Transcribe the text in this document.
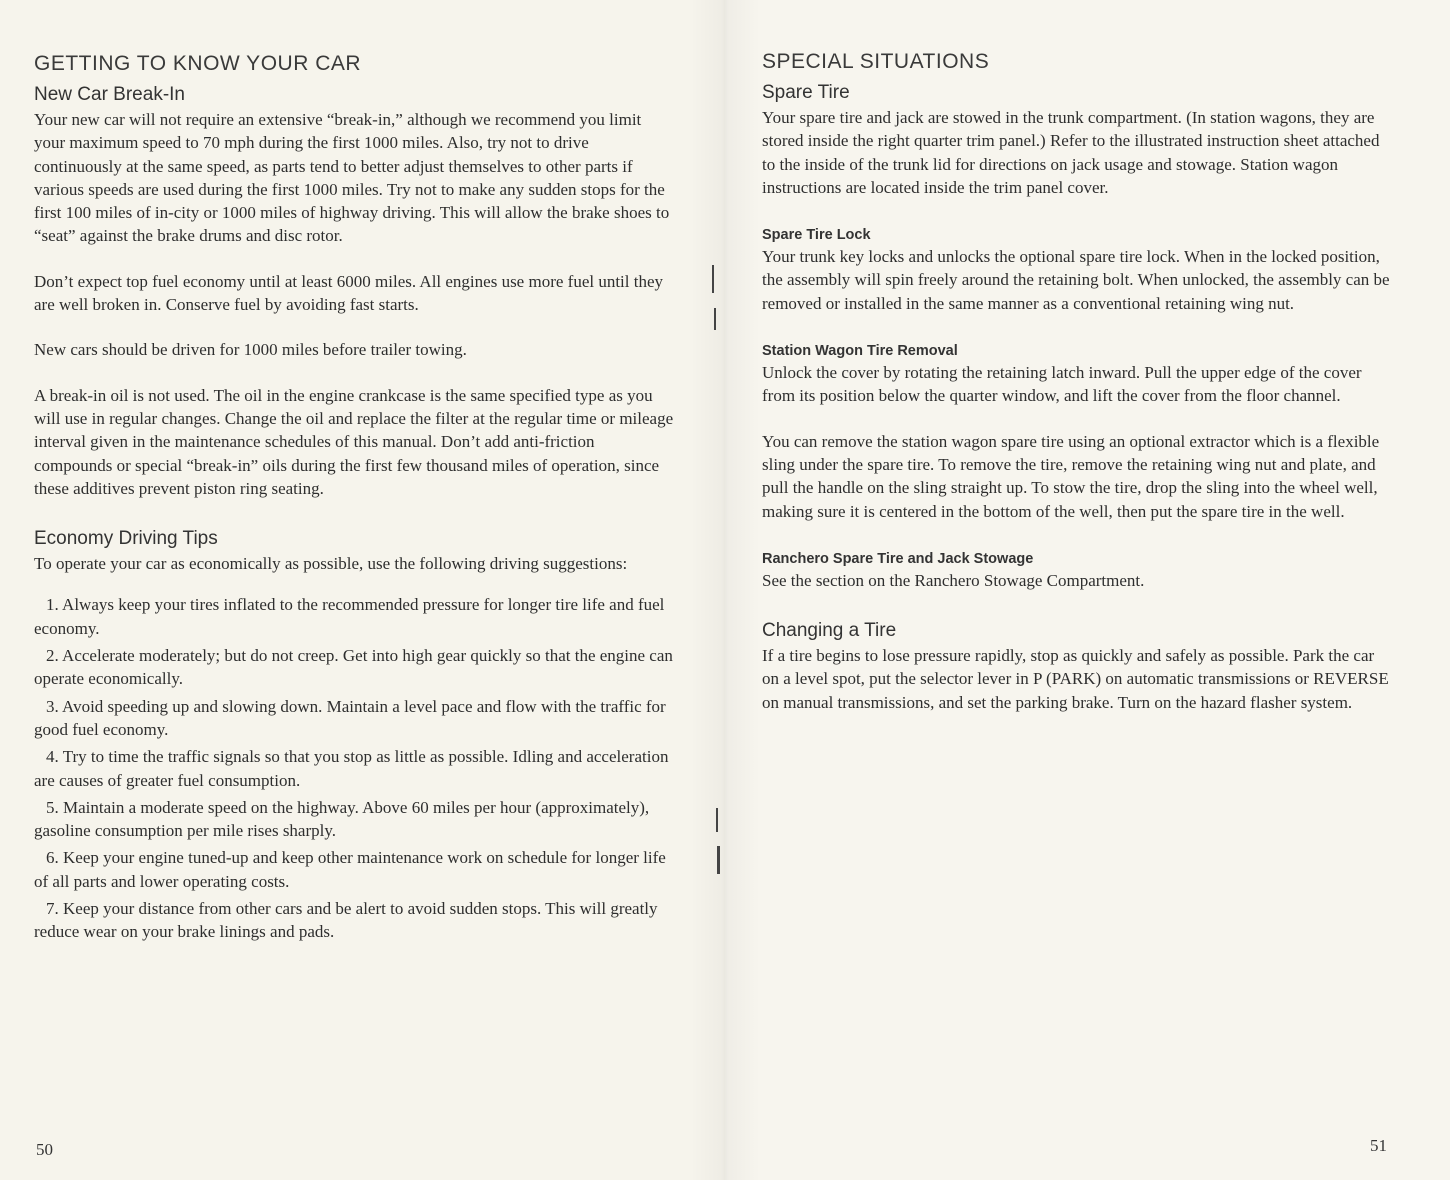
GETTING TO KNOW YOUR CAR
New Car Break-In

Your new car will not require an extensive “break-in,” although we recommend you limit your maximum speed to 70 mph during the first 1000 miles. Also, try not to drive continuously at the same speed, as parts tend to better adjust themselves to other parts if various speeds are used during the first 1000 miles. Try not to make any sudden stops for the first 100 miles of in-city or 1000 miles of highway driving. This will allow the brake shoes to “seat” against the brake drums and disc rotor.

Don’t expect top fuel economy until at least 6000 miles. All engines use more fuel until they are well broken in. Conserve fuel by avoiding fast starts.

New cars should be driven for 1000 miles before trailer towing.

A break-in oil is not used. The oil in the engine crankcase is the same specified type as you will use in regular changes. Change the oil and replace the filter at the regular time or mileage interval given in the maintenance schedules of this manual. Don’t add anti-friction compounds or special “break-in” oils during the first few thousand miles of operation, since these additives prevent piston ring seating.

Economy Driving Tips

To operate your car as economically as possible, use the following driving suggestions:

1. Always keep your tires inflated to the recommended pressure for longer tire life and fuel economy.

2. Accelerate moderately; but do not creep. Get into high gear quickly so that the engine can operate economically.

3. Avoid speeding up and slowing down. Maintain a level pace and flow with the traffic for good fuel economy.

4. Try to time the traffic signals so that you stop as little as possible. Idling and acceleration are causes of greater fuel consumption.

5. Maintain a moderate speed on the highway. Above 60 miles per hour (approximately), gasoline consumption per mile rises sharply.

6. Keep your engine tuned-up and keep other maintenance work on schedule for longer life of all parts and lower operating costs.

7. Keep your distance from other cars and be alert to avoid sudden stops. This will greatly reduce wear on your brake linings and pads.

50
SPECIAL SITUATIONS
Spare Tire

Your spare tire and jack are stowed in the trunk compartment. (In station wagons, they are stored inside the right quarter trim panel.) Refer to the illustrated instruction sheet attached to the inside of the trunk lid for directions on jack usage and stowage. Station wagon instructions are located inside the trim panel cover.

Spare Tire Lock

Your trunk key locks and unlocks the optional spare tire lock. When in the locked position, the assembly will spin freely around the retaining bolt. When unlocked, the assembly can be removed or installed in the same manner as a conventional retaining wing nut.

Station Wagon Tire Removal

Unlock the cover by rotating the retaining latch inward. Pull the upper edge of the cover from its position below the quarter window, and lift the cover from the floor channel.

You can remove the station wagon spare tire using an optional extractor which is a flexible sling under the spare tire. To remove the tire, remove the retaining wing nut and plate, and pull the handle on the sling straight up. To stow the tire, drop the sling into the wheel well, making sure it is centered in the bottom of the well, then put the spare tire in the well.

Ranchero Spare Tire and Jack Stowage

See the section on the Ranchero Stowage Compartment.

Changing a Tire

If a tire begins to lose pressure rapidly, stop as quickly and safely as possible. Park the car on a level spot, put the selector lever in P (PARK) on automatic transmissions or REVERSE on manual transmissions, and set the parking brake. Turn on the hazard flasher system.

51
